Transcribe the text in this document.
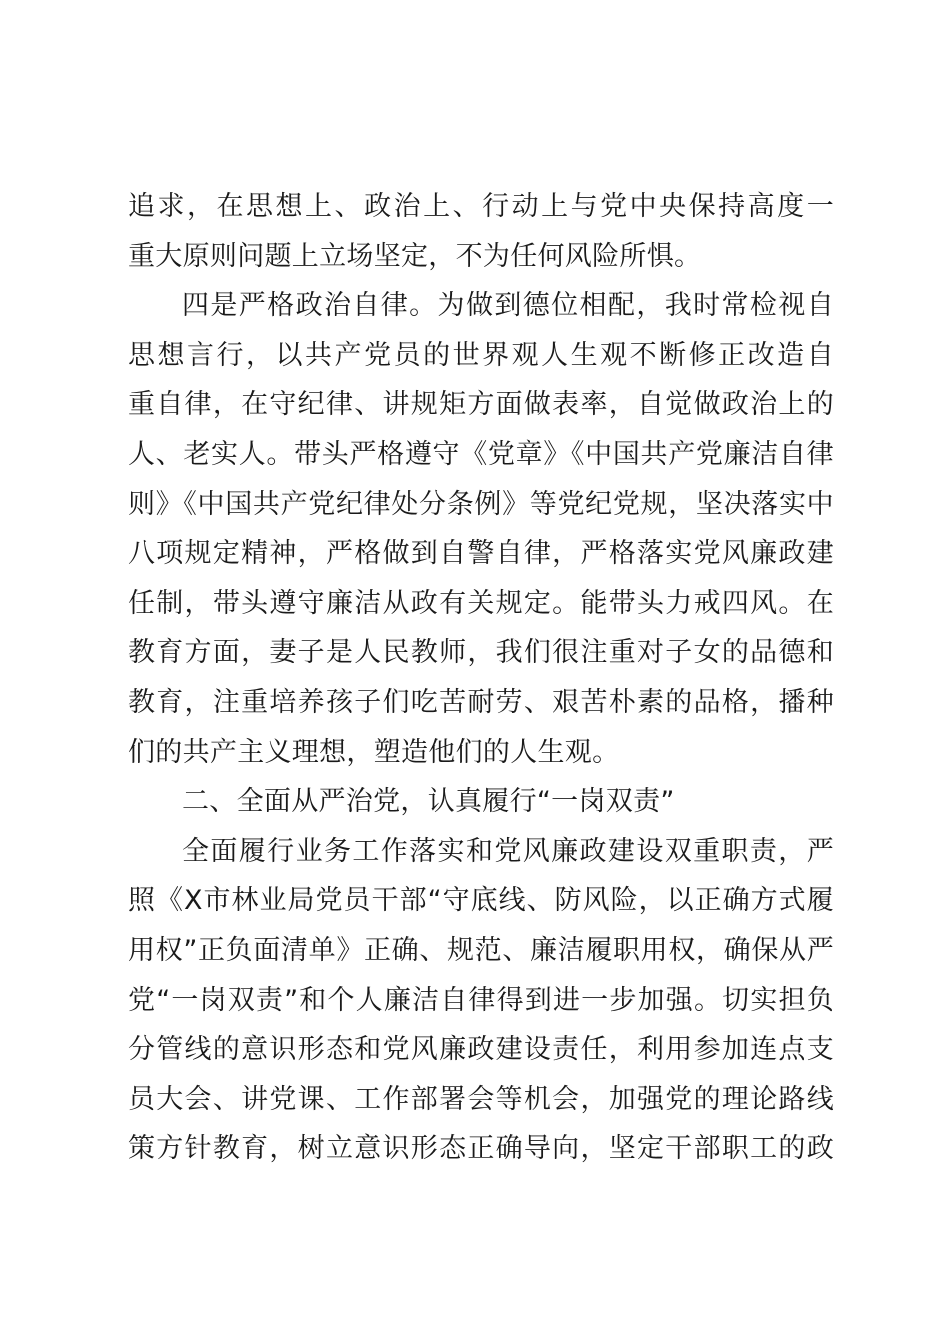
追求，在思想上、政治上、行动上与党中央保持高度一
重大原则问题上立场坚定，不为任何风险所惧。
四是严格政治自律。为做到德位相配，我时常检视自
思想言行，以共产党员的世界观人生观不断修正改造自
重自律，在守纪律、讲规矩方面做表率，自觉做政治上的
人、老实人。带头严格遵守《党章》《中国共产党廉洁自律
则》《中国共产党纪律处分条例》等党纪党规，坚决落实中
八项规定精神，严格做到自警自律，严格落实党风廉政建
任制，带头遵守廉洁从政有关规定。能带头力戒四风。在
教育方面，妻子是人民教师，我们很注重对子女的品德和
教育，注重培养孩子们吃苦耐劳、艰苦朴素的品格，播种
们的共产主义理想，塑造他们的人生观。
二、全面从严治党，认真履行“一岗双责”
全面履行业务工作落实和党风廉政建设双重职责，严
照《X市林业局党员干部“守底线、防风险，以正确方式履
用权”正负面清单》正确、规范、廉洁履职用权，确保从严
党“一岗双责”和个人廉洁自律得到进一步加强。切实担负
分管线的意识形态和党风廉政建设责任，利用参加连点支
员大会、讲党课、工作部署会等机会，加强党的理论路线
策方针教育，树立意识形态正确导向，坚定干部职工的政
